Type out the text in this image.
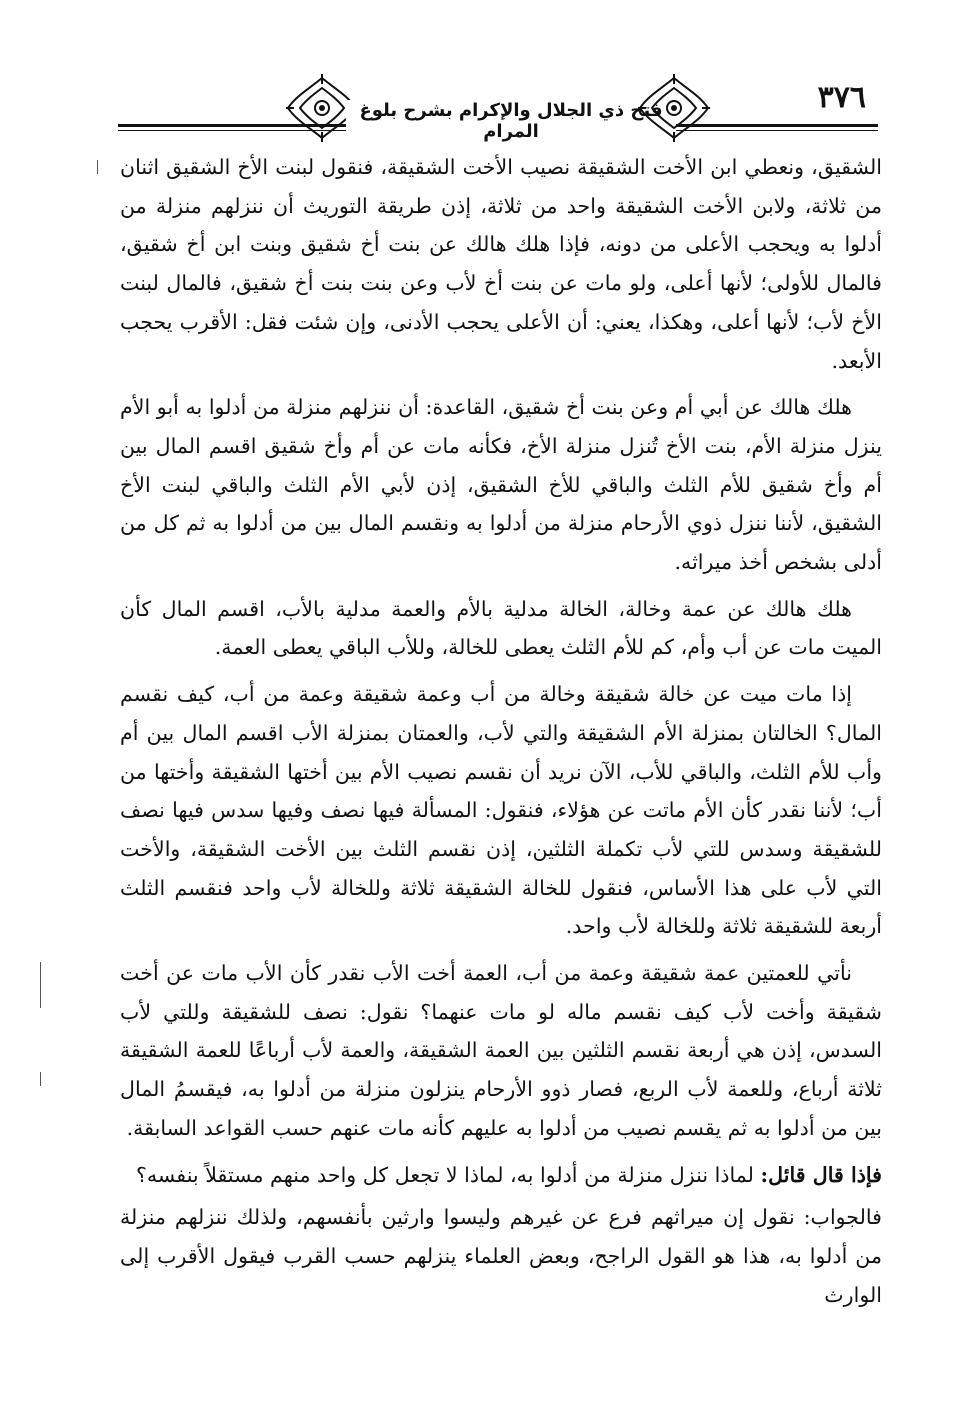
فتح ذي الجلال والإكرام بشرح بلوغ المرام
٣٧٦

الشقيق، ونعطي ابن الأخت الشقيقة نصيب الأخت الشقيقة، فنقول لبنت الأخ الشقيق اثنان من ثلاثة، ولابن الأخت الشقيقة واحد من ثلاثة، إذن طريقة التوريث أن ننزلهم منزلة من أدلوا به ويحجب الأعلى من دونه، فإذا هلك هالك عن بنت أخ شقيق وبنت ابن أخ شقيق، فالمال للأولى؛ لأنها أعلى، ولو مات عن بنت أخ لأب وعن بنت بنت أخ شقيق، فالمال لبنت الأخ لأب؛ لأنها أعلى، وهكذا، يعني: أن الأعلى يحجب الأدنى، وإن شئت فقل: الأقرب يحجب الأبعد.

هلك هالك عن أبي أم وعن بنت أخ شقيق، القاعدة: أن ننزلهم منزلة من أدلوا به أبو الأم ينزل منزلة الأم، بنت الأخ تُنزل منزلة الأخ، فكأنه مات عن أم وأخ شقيق اقسم المال بين أم وأخ شقيق للأم الثلث والباقي للأخ الشقيق، إذن لأبي الأم الثلث والباقي لبنت الأخ الشقيق، لأننا ننزل ذوي الأرحام منزلة من أدلوا به ونقسم المال بين من أدلوا به ثم كل من أدلى بشخص أخذ ميراثه.

هلك هالك عن عمة وخالة، الخالة مدلية بالأم والعمة مدلية بالأب، اقسم المال كأن الميت مات عن أب وأم، كم للأم الثلث يعطى للخالة، وللأب الباقي يعطى العمة.

إذا مات ميت عن خالة شقيقة وخالة من أب وعمة شقيقة وعمة من أب، كيف نقسم المال؟ الخالتان بمنزلة الأم الشقيقة والتي لأب، والعمتان بمنزلة الأب اقسم المال بين أم وأب للأم الثلث، والباقي للأب، الآن نريد أن نقسم نصيب الأم بين أختها الشقيقة وأختها من أب؛ لأننا نقدر كأن الأم ماتت عن هؤلاء، فنقول: المسألة فيها نصف وفيها سدس فيها نصف للشقيقة وسدس للتي لأب تكملة الثلثين، إذن نقسم الثلث بين الأخت الشقيقة، والأخت التي لأب على هذا الأساس، فنقول للخالة الشقيقة ثلاثة وللخالة لأب واحد فنقسم الثلث أربعة للشقيقة ثلاثة وللخالة لأب واحد.

نأتي للعمتين عمة شقيقة وعمة من أب، العمة أخت الأب نقدر كأن الأب مات عن أخت شقيقة وأخت لأب كيف نقسم ماله لو مات عنهما؟ نقول: نصف للشقيقة وللتي لأب السدس، إذن هي أربعة نقسم الثلثين بين العمة الشقيقة، والعمة لأب أرباعًا للعمة الشقيقة ثلاثة أرباع، وللعمة لأب الربع، فصار ذوو الأرحام ينزلون منزلة من أدلوا به، فيقسمُ المال بين من أدلوا به ثم يقسم نصيب من أدلوا به عليهم كأنه مات عنهم حسب القواعد السابقة.

فإذا قال قائل: لماذا ننزل منزلة من أدلوا به، لماذا لا تجعل كل واحد منهم مستقلاً بنفسه؟

فالجواب: نقول إن ميراثهم فرع عن غيرهم وليسوا وارثين بأنفسهم، ولذلك ننزلهم منزلة من أدلوا به، هذا هو القول الراجح، وبعض العلماء ينزلهم حسب القرب فيقول الأقرب إلى الوارث
